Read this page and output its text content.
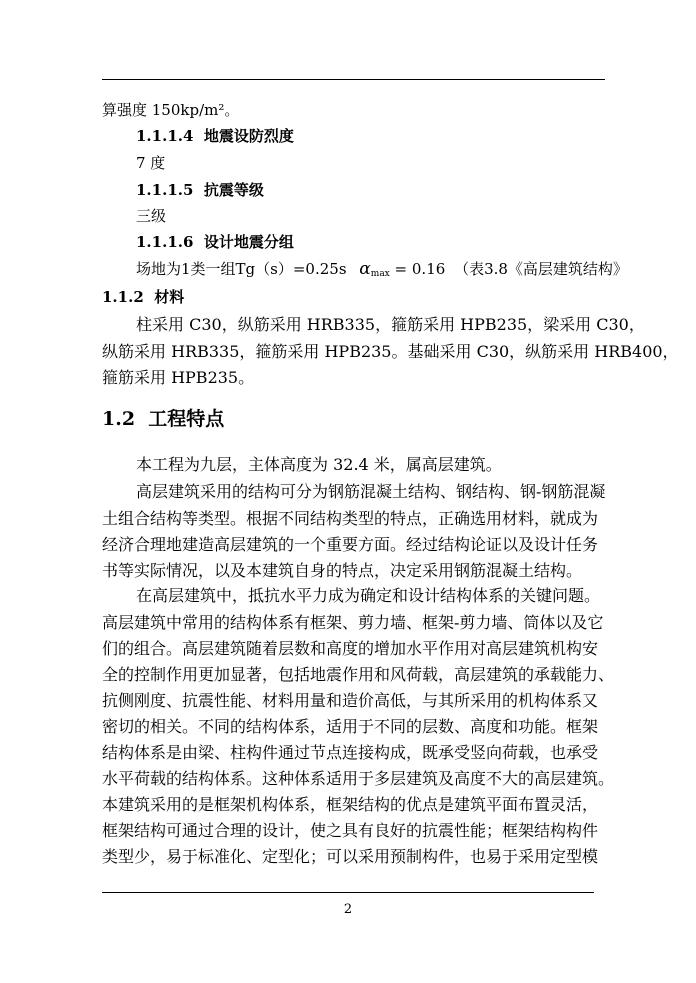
算强度 150kp/m²。
1.1.1.4 地震设防烈度
7 度
1.1.1.5 抗震等级
三级
1.1.1.6 设计地震分组
场地为1类一组Tg（s）=0.25s αmax = 0.16 （表3.8《高层建筑结构》
1.1.2 材料
柱采用 C30，纵筋采用 HRB335，箍筋采用 HPB235，梁采用 C30，
纵筋采用 HRB335，箍筋采用 HPB235。基础采用 C30，纵筋采用 HRB400，
箍筋采用 HPB235。
1.2 工程特点
本工程为九层，主体高度为 32.4 米，属高层建筑。
高层建筑采用的结构可分为钢筋混凝土结构、钢结构、钢-钢筋混凝
土组合结构等类型。根据不同结构类型的特点，正确选用材料，就成为
经济合理地建造高层建筑的一个重要方面。经过结构论证以及设计任务
书等实际情况，以及本建筑自身的特点，决定采用钢筋混凝土结构。
在高层建筑中，抵抗水平力成为确定和设计结构体系的关键问题。
高层建筑中常用的结构体系有框架、剪力墙、框架-剪力墙、筒体以及它
们的组合。高层建筑随着层数和高度的增加水平作用对高层建筑机构安
全的控制作用更加显著，包括地震作用和风荷载，高层建筑的承载能力、
抗侧刚度、抗震性能、材料用量和造价高低，与其所采用的机构体系又
密切的相关。不同的结构体系，适用于不同的层数、高度和功能。框架
结构体系是由梁、柱构件通过节点连接构成，既承受竖向荷载，也承受
水平荷载的结构体系。这种体系适用于多层建筑及高度不大的高层建筑。
本建筑采用的是框架机构体系，框架结构的优点是建筑平面布置灵活，
框架结构可通过合理的设计，使之具有良好的抗震性能；框架结构构件
类型少，易于标准化、定型化；可以采用预制构件，也易于采用定型模
2
